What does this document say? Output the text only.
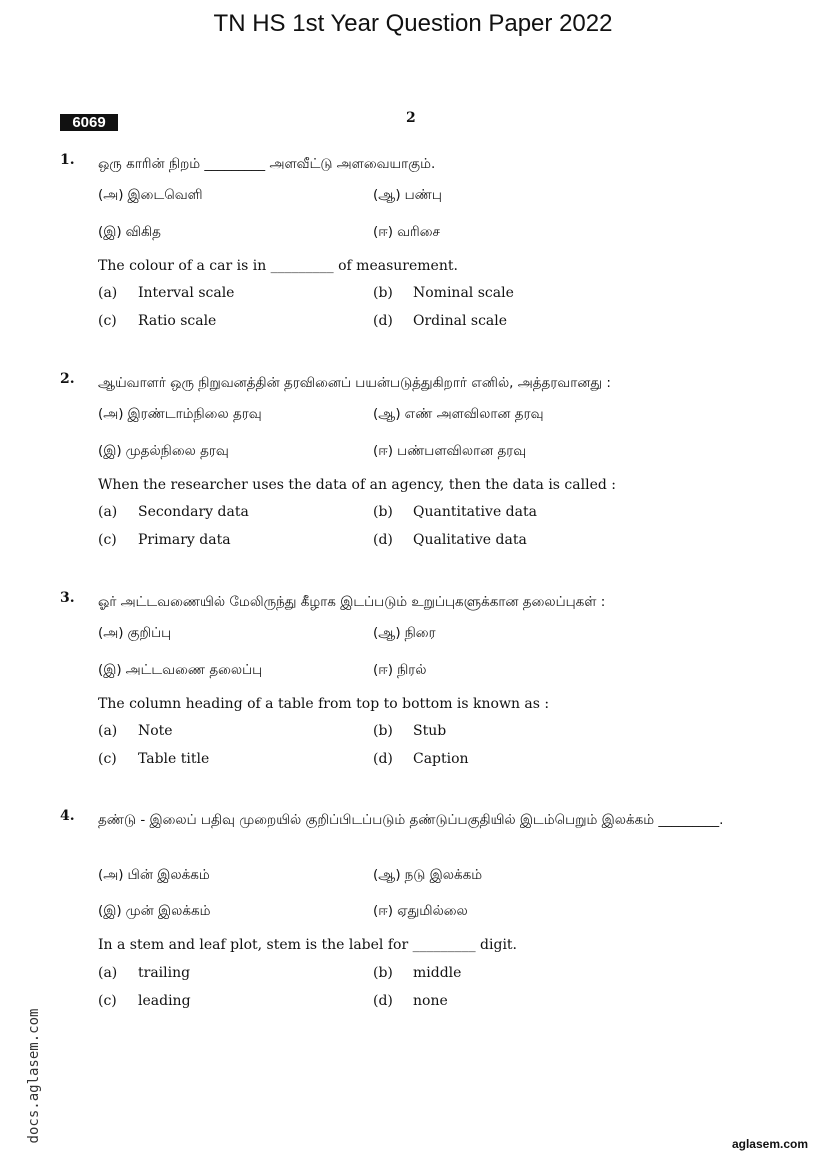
TN HS 1st Year Question Paper 2022
6069	2
1. ஒரு காரின் நிறம் _________ அளவீட்டு அளவையாகும்.
(அ) இடைவெளி	(ஆ) பண்பு
(இ) விகித	(ஈ) வரிசை
The colour of a car is in _________ of measurement.
(a) Interval scale	(b) Nominal scale
(c) Ratio scale	(d) Ordinal scale
2. ஆய்வாளர் ஒரு நிறுவனத்தின் தரவினைப் பயன்படுத்துகிறார் எனில், அத்தரவானது :
(அ) இரண்டாம்நிலை தரவு	(ஆ) எண் அளவிலான தரவு
(இ) முதல்நிலை தரவு	(ஈ) பண்பளவிலான தரவு
When the researcher uses the data of an agency, then the data is called :
(a) Secondary data	(b) Quantitative data
(c) Primary data	(d) Qualitative data
3. ஓர் அட்டவணையில் மேலிருந்து கீழாக இடப்படும் உறுப்புகளுக்கான தலைப்புகள் :
(அ) குறிப்பு	(ஆ) நிரை
(இ) அட்டவணை தலைப்பு	(ஈ) நிரல்
The column heading of a table from top to bottom is known as :
(a) Note	(b) Stub
(c) Table title	(d) Caption
4. தண்டு - இலைப் பதிவு முறையில் குறிப்பிடப்படும் தண்டுப்பகுதியில் இடம்பெறும் இலக்கம் _________.
(அ) பின் இலக்கம்	(ஆ) நடு இலக்கம்
(இ) முன் இலக்கம்	(ஈ) ஏதுமில்லை
In a stem and leaf plot, stem is the label for _________ digit.
(a) trailing	(b) middle
(c) leading	(d) none
docs.aglasem.com
aglasem.com
